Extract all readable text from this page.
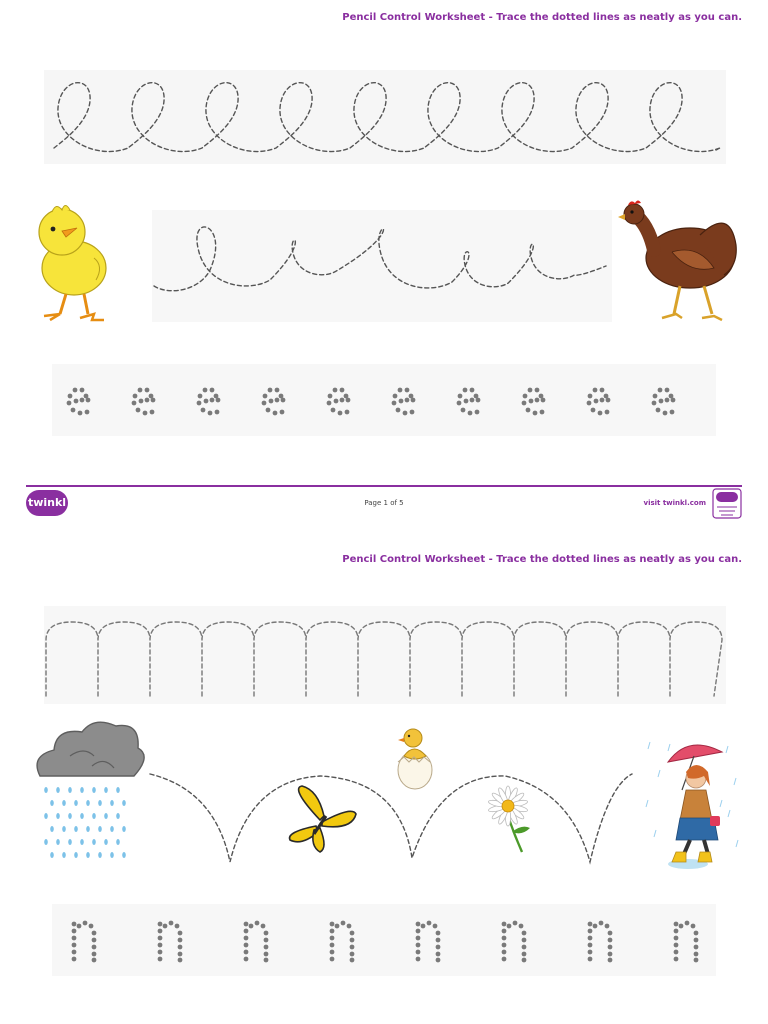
Pencil Control Worksheet - Trace the dotted lines as neatly as you can.
twinkl	Page 1 of 5	visit twinkl.com
Pencil Control Worksheet - Trace the dotted lines as neatly as you can.
